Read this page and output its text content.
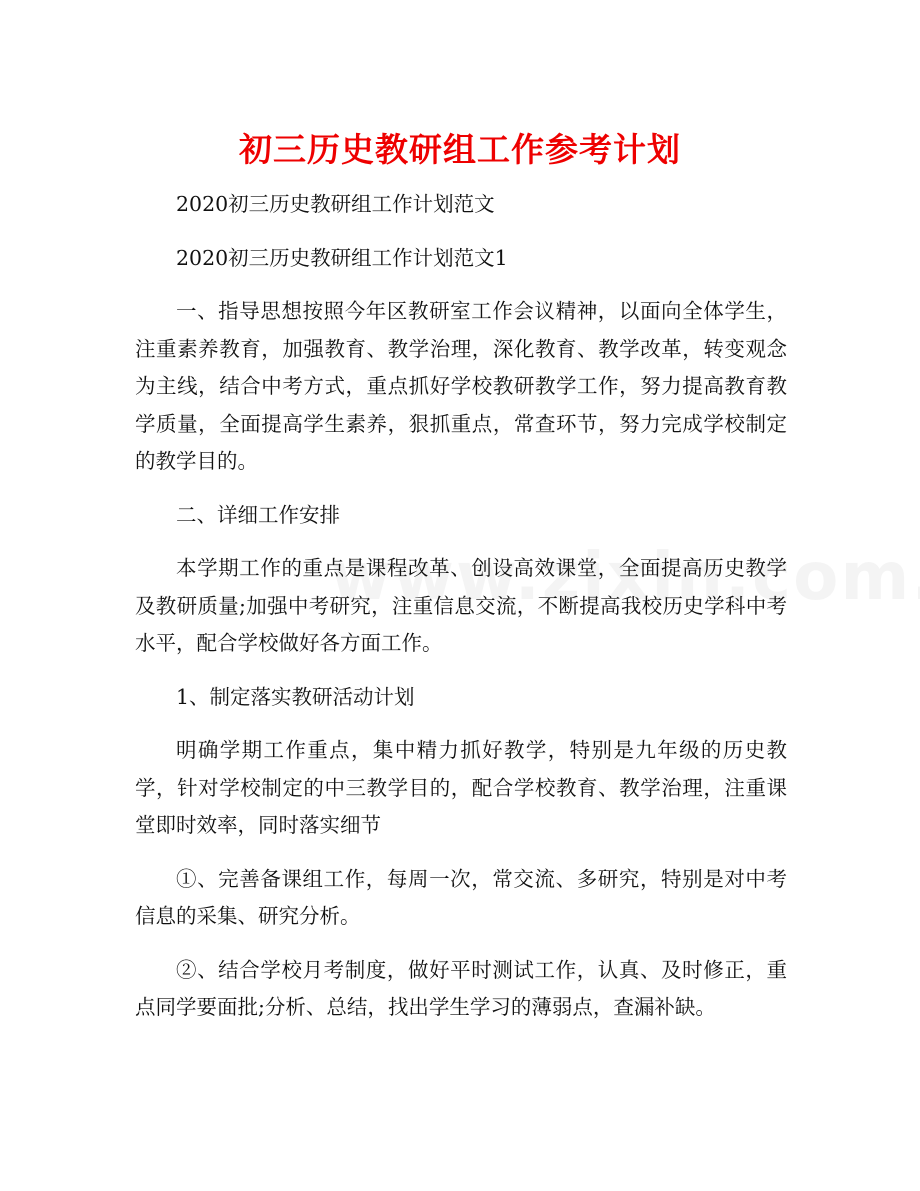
初三历史教研组工作参考计划

2020初三历史教研组工作计划范文

2020初三历史教研组工作计划范文1

一、指导思想按照今年区教研室工作会议精神，以面向全体学生，注重素养教育，加强教育、教学治理，深化教育、教学改革，转变观念为主线，结合中考方式，重点抓好学校教研教学工作，努力提高教育教学质量，全面提高学生素养，狠抓重点，常查环节，努力完成学校制定的教学目的。

二、详细工作安排

本学期工作的重点是课程改革、创设高效课堂，全面提高历史教学及教研质量;加强中考研究，注重信息交流，不断提高我校历史学科中考水平，配合学校做好各方面工作。

1、制定落实教研活动计划

明确学期工作重点，集中精力抓好教学，特别是九年级的历史教学，针对学校制定的中三教学目的，配合学校教育、教学治理，注重课堂即时效率，同时落实细节

①、完善备课组工作，每周一次，常交流、多研究，特别是对中考信息的采集、研究分析。

②、结合学校月考制度，做好平时测试工作，认真、及时修正，重点同学要面批;分析、总结，找出学生学习的薄弱点，查漏补缺。
